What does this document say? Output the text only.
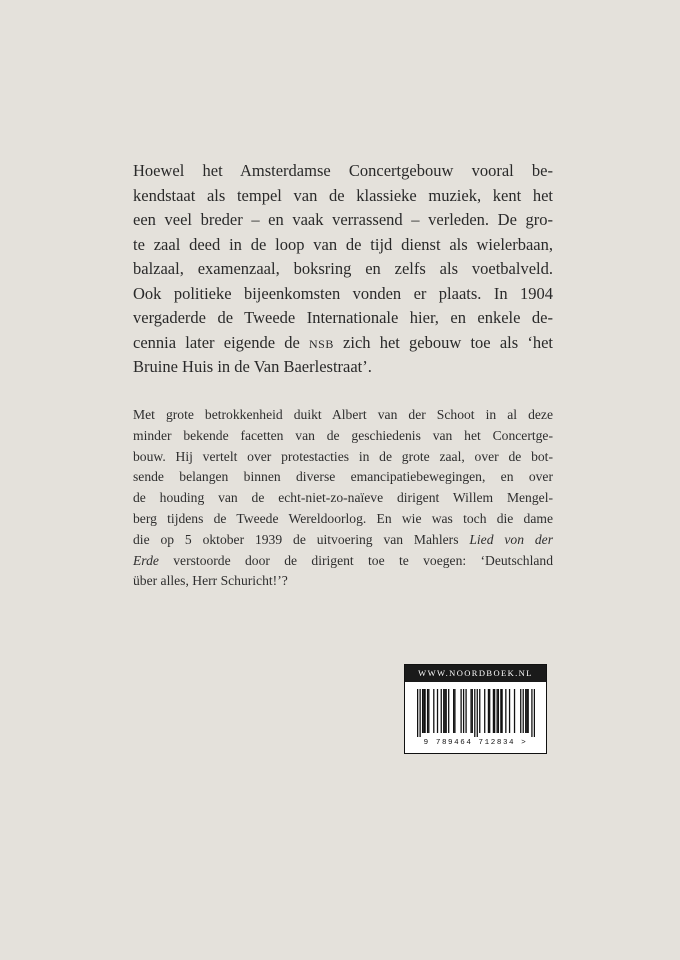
Hoewel het Amsterdamse Concertgebouw vooral be-
kendstaat als tempel van de klassieke muziek, kent het
een veel breder – en vaak verrassend – verleden. De gro-
te zaal deed in de loop van de tijd dienst als wielerbaan,
balzaal, examenzaal, boksring en zelfs als voetbalveld.
Ook politieke bijeenkomsten vonden er plaats. In 1904
vergaderde de Tweede Internationale hier, en enkele de-
cennia later eigende de nsb zich het gebouw toe als ‘het
Bruine Huis in de Van Baerlestraat’.
Met grote betrokkenheid duikt Albert van der Schoot in al deze
minder bekende facetten van de geschiedenis van het Concertge-
bouw. Hij vertelt over protestacties in de grote zaal, over de bot-
sende belangen binnen diverse emancipatiebewegingen, en over
de houding van de echt-niet-zo-naïeve dirigent Willem Mengel-
berg tijdens de Tweede Wereldoorlog. En wie was toch die dame
die op 5 oktober 1939 de uitvoering van Mahlers Lied von der
Erde verstoorde door de dirigent toe te voegen: ‘Deutschland
über alles, Herr Schuricht!’?
WWW.NOORDBOEK.NL
9 789464 712834 >
